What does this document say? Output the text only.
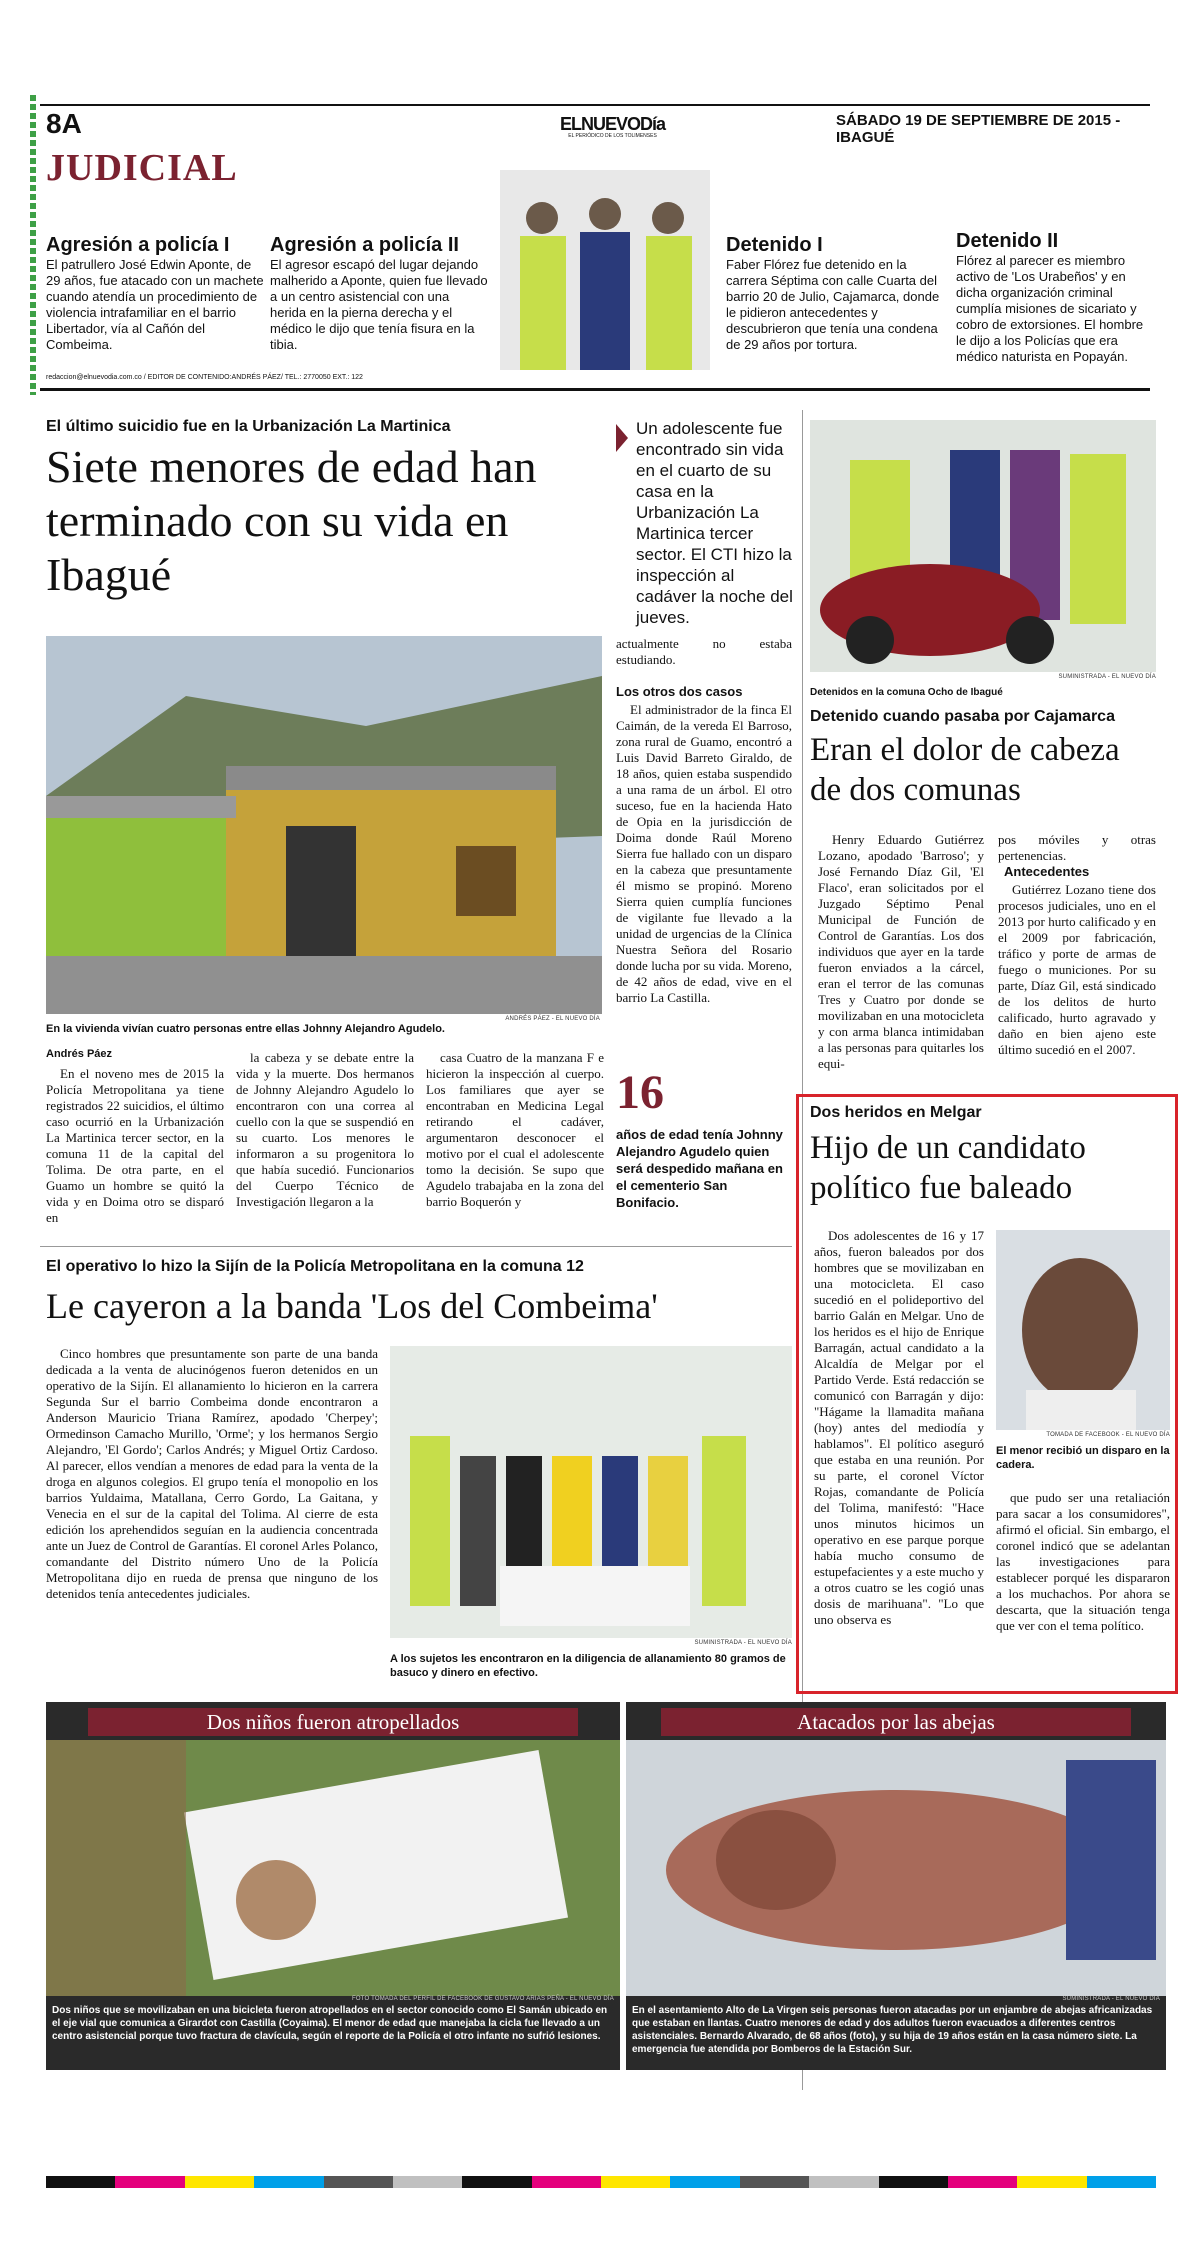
8A	ELNUEVODía
EL PERIÓDICO DE LOS TOLIMENSES
SÁBADO 19 DE SEPTIEMBRE DE 2015 - IBAGUÉ
JUDICIAL
Agresión a policía I
El patrullero José Edwin Aponte, de 29 años, fue atacado con un machete cuando atendía un procedimiento de violencia intrafamiliar en el barrio Libertador, vía al Cañón del Combeima.
Agresión a policía II
El agresor escapó del lugar dejando malherido a Aponte, quien fue llevado a un centro asistencial con una herida en la pierna derecha y el médico le dijo que tenía fisura en la tibia.
Detenido I
Faber Flórez fue detenido en la carrera Séptima con calle Cuarta del barrio 20 de Julio, Cajamarca, donde le pidieron antecedentes y descubrieron que tenía una condena de 29 años por tortura.
Detenido II
Flórez al parecer es miembro activo de 'Los Urabeños' y en dicha organización criminal cumplía misiones de sicariato y cobro de extorsiones. El hombre le dijo a los Policías que era médico naturista en Popayán.
redaccion@elnuevodia.com.co / EDITOR DE CONTENIDO:ANDRÉS PÁEZ/ TEL.: 2770050 EXT.: 122
El último suicidio fue en la Urbanización La Martinica
Siete menores de edad han terminado con su vida en Ibagué
ANDRÉS PÁEZ - EL NUEVO DÍA
En la vivienda vivían cuatro personas entre ellas Johnny Alejandro Agudelo.
Andrés Páez
En el noveno mes de 2015 la Policía Metropolitana ya tiene registrados 22 suicidios, el último caso ocurrió en la Urbanización La Martinica tercer sector, en la comuna 11 de la capital del Tolima. De otra parte, en el Guamo un hombre se quitó la vida y en Doima otro se disparó en
la cabeza y se debate entre la vida y la muerte. Dos hermanos de Johnny Alejandro Agudelo lo encontraron con una correa al cuello con la que se suspendió en su cuarto. Los menores le informaron a su progenitora lo que había sucedió. Funcionarios del Cuerpo Técnico de Investigación llegaron a la
casa Cuatro de la manzana F e hicieron la inspección al cuerpo. Los familiares que ayer se encontraban en Medicina Legal retirando el cadáver, argumentaron desconocer el motivo por el cual el adolescente tomo la decisión. Se supo que Agudelo trabajaba en la zona del barrio Boquerón y
Un adolescente fue encontrado sin vida en el cuarto de su casa en la Urbanización La Martinica tercer sector. El CTI hizo la inspección al cadáver la noche del jueves.
actualmente no estaba estudiando.
Los otros dos casos
El administrador de la finca El Caimán, de la vereda El Barroso, zona rural de Guamo, encontró a Luis David Barreto Giraldo, de 18 años, quien estaba suspendido a una rama de un árbol. El otro suceso, fue en la hacienda Hato de Opia en la jurisdicción de Doima donde Raúl Moreno Sierra fue hallado con un disparo en la cabeza que presuntamente él mismo se propinó. Moreno Sierra quien cumplía funciones de vigilante fue llevado a la unidad de urgencias de la Clínica Nuestra Señora del Rosario donde lucha por su vida. Moreno, de 42 años de edad, vive en el barrio La Castilla.
16
años de edad tenía Johnny Alejandro Agudelo quien será despedido mañana en el cementerio San Bonifacio.
SUMINISTRADA - EL NUEVO DÍA
Detenidos en la comuna Ocho de Ibagué
Detenido cuando pasaba por Cajamarca
Eran el dolor de cabeza de dos comunas
Henry Eduardo Gutiérrez Lozano, apodado 'Barroso'; y José Fernando Díaz Gil, 'El Flaco', eran solicitados por el Juzgado Séptimo Penal Municipal de Función de Control de Garantías. Los dos individuos que ayer en la tarde fueron enviados a la cárcel, eran el terror de las comunas Tres y Cuatro por donde se movilizaban en una motocicleta y con arma blanca intimidaban a las personas para quitarles los equi-
pos móviles y otras pertenencias.
Antecedentes
Gutiérrez Lozano tiene dos procesos judiciales, uno en el 2013 por hurto calificado y en el 2009 por fabricación, tráfico y porte de armas de fuego o municiones. Por su parte, Díaz Gil, está sindicado de los delitos de hurto calificado, hurto agravado y daño en bien ajeno este último sucedió en el 2007.
Dos heridos en Melgar
Hijo de un candidato político fue baleado
Dos adolescentes de 16 y 17 años, fueron baleados por dos hombres que se movilizaban en una motocicleta. El caso sucedió en el polideportivo del barrio Galán en Melgar. Uno de los heridos es el hijo de Enrique Barragán, actual candidato a la Alcaldía de Melgar por el Partido Verde. Está redacción se comunicó con Barragán y dijo: "Hágame la llamadita mañana (hoy) antes del mediodía y hablamos". El político aseguró que estaba en una reunión. Por su parte, el coronel Víctor Rojas, comandante de Policía del Tolima, manifestó: "Hace unos minutos hicimos un operativo en ese parque porque había mucho consumo de estupefacientes y a este mucho y a otros cuatro se les cogió unas dosis de marihuana". "Lo que uno observa es
TOMADA DE FACEBOOK - EL NUEVO DÍA
El menor recibió un disparo en la cadera.
que pudo ser una retaliación para sacar a los consumidores", afirmó el oficial. Sin embargo, el coronel indicó que se adelantan las investigaciones para establecer porqué les dispararon a los muchachos. Por ahora se descarta, que la situación tenga que ver con el tema político.
El operativo lo hizo la Sijín de la Policía Metropolitana en la comuna 12
Le cayeron a la banda 'Los del Combeima'
Cinco hombres que presuntamente son parte de una banda dedicada a la venta de alucinógenos fueron detenidos en un operativo de la Sijín. El allanamiento lo hicieron en la carrera Segunda Sur el barrio Combeima donde encontraron a Anderson Mauricio Triana Ramírez, apodado 'Cherpey'; Ormedinson Camacho Murillo, 'Orme'; y los hermanos Sergio Alejandro, 'El Gordo'; Carlos Andrés; y Miguel Ortiz Cardoso. Al parecer, ellos vendían a menores de edad para la venta de la droga en algunos colegios. El grupo tenía el monopolio en los barrios Yuldaima, Matallana, Cerro Gordo, La Gaitana, y Venecia en el sur de la capital del Tolima. Al cierre de esta edición los aprehendidos seguían en la audiencia concentrada ante un Juez de Control de Garantías. El coronel Arles Polanco, comandante del Distrito número Uno de la Policía Metropolitana dijo en rueda de prensa que ninguno de los detenidos tenía antecedentes judiciales.
SUMINISTRADA - EL NUEVO DÍA
A los sujetos les encontraron en la diligencia de allanamiento 80 gramos de basuco y dinero en efectivo.
Dos niños fueron atropellados
FOTO TOMADA DEL PERFIL DE FACEBOOK DE GUSTAVO ARIAS PEÑA - EL NUEVO DÍA
Dos niños que se movilizaban en una bicicleta fueron atropellados en el sector conocido como El Samán ubicado en el eje vial que comunica a Girardot con Castilla (Coyaima). El menor de edad que manejaba la cicla fue llevado a un centro asistencial porque tuvo fractura de clavícula, según el reporte de la Policía el otro infante no sufrió lesiones.
Atacados por las abejas
SUMINISTRADA - EL NUEVO DÍA
En el asentamiento Alto de La Virgen seis personas fueron atacadas por un enjambre de abejas africanizadas que estaban en llantas. Cuatro menores de edad y dos adultos fueron evacuados a diferentes centros asistenciales. Bernardo Alvarado, de 68 años (foto), y su hija de 19 años están en la casa número siete. La emergencia fue atendida por Bomberos de la Estación Sur.
